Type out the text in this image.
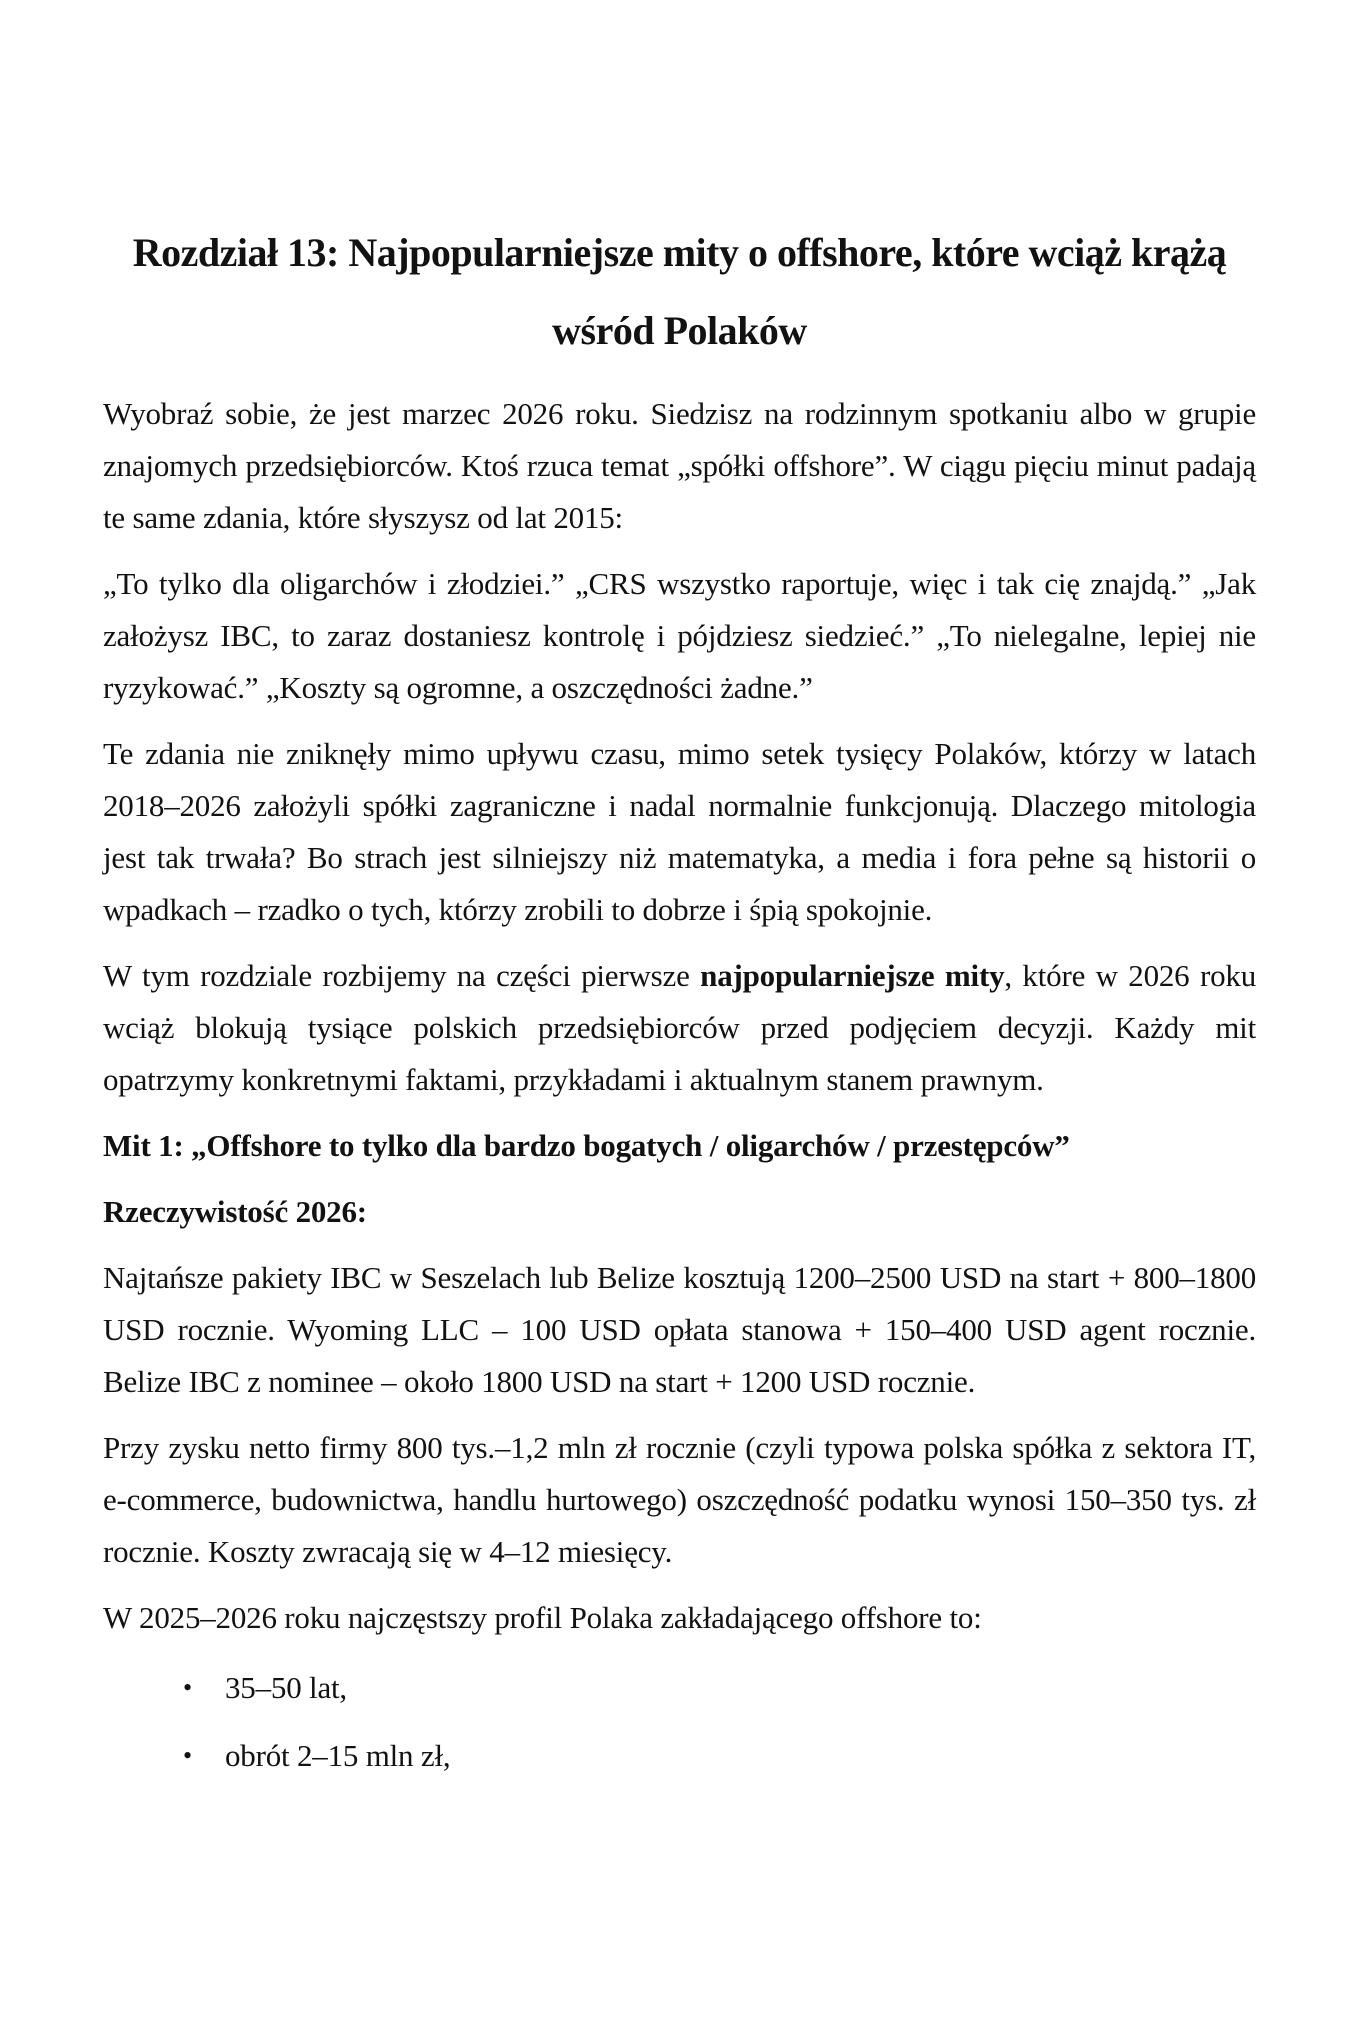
Rozdział 13: Najpopularniejsze mity o offshore, które wciąż krążą wśród Polaków

Wyobraź sobie, że jest marzec 2026 roku. Siedzisz na rodzinnym spotkaniu albo w grupie znajomych przedsiębiorców. Ktoś rzuca temat „spółki offshore”. W ciągu pięciu minut padają te same zdania, które słyszysz od lat 2015:

„To tylko dla oligarchów i złodziei.” „CRS wszystko raportuje, więc i tak cię znajdą.” „Jak założysz IBC, to zaraz dostaniesz kontrolę i pójdziesz siedzieć.” „To nielegalne, lepiej nie ryzykować.” „Koszty są ogromne, a oszczędności żadne.”

Te zdania nie zniknęły mimo upływu czasu, mimo setek tysięcy Polaków, którzy w latach 2018–2026 założyli spółki zagraniczne i nadal normalnie funkcjonują. Dlaczego mitologia jest tak trwała? Bo strach jest silniejszy niż matematyka, a media i fora pełne są historii o wpadkach – rzadko o tych, którzy zrobili to dobrze i śpią spokojnie.

W tym rozdziale rozbijemy na części pierwsze najpopularniejsze mity, które w 2026 roku wciąż blokują tysiące polskich przedsiębiorców przed podjęciem decyzji. Każdy mit opatrzymy konkretnymi faktami, przykładami i aktualnym stanem prawnym.

Mit 1: „Offshore to tylko dla bardzo bogatych / oligarchów / przestępców”
Rzeczywistość 2026:

Najtańsze pakiety IBC w Seszelach lub Belize kosztują 1200–2500 USD na start + 800–1800 USD rocznie. Wyoming LLC – 100 USD opłata stanowa + 150–400 USD agent rocznie. Belize IBC z nominee – około 1800 USD na start + 1200 USD rocznie.

Przy zysku netto firmy 800 tys.–1,2 mln zł rocznie (czyli typowa polska spółka z sektora IT, e-commerce, budownictwa, handlu hurtowego) oszczędność podatku wynosi 150–350 tys. zł rocznie. Koszty zwracają się w 4–12 miesięcy.

W 2025–2026 roku najczęstszy profil Polaka zakładającego offshore to:

• 35–50 lat,
• obrót 2–15 mln zł,
